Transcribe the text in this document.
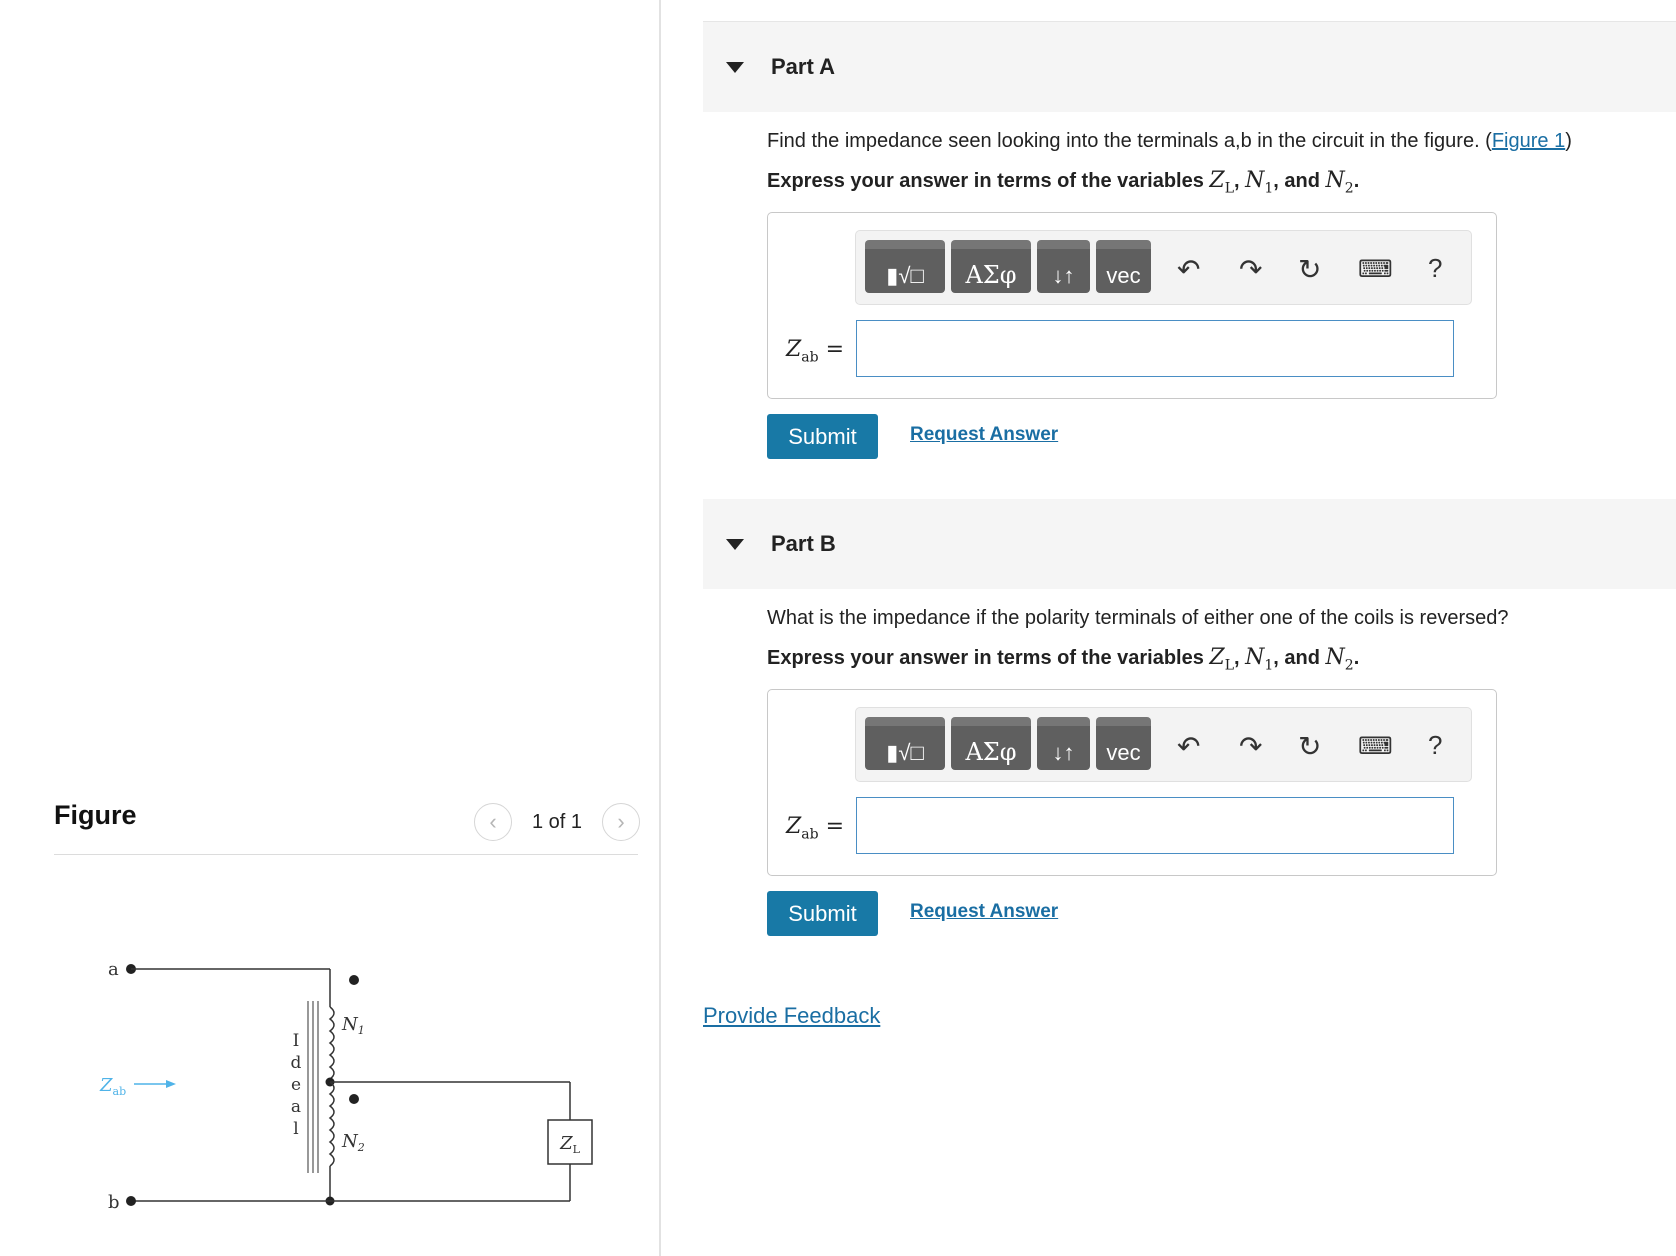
Figure	‹	1 of 1	›
a
$N_1$
$N_2$
I
d
e
a
l
$Z_L$
b
$Z_{ab}$
Part A
Find the impedance seen looking into the terminals a,b in the circuit in the figure. (Figure 1)
Express your answer in terms of the variables $Z_L$, $N_1$, and $N_2$.
▮√□ ΑΣφ ↓↑ vec ↶ ↷ ↻ ⌨ ?
$Z_{ab}$ =
Submit	Request Answer
Part B
What is the impedance if the polarity terminals of either one of the coils is reversed?
Express your answer in terms of the variables $Z_L$, $N_1$, and $N_2$.
▮√□ ΑΣφ ↓↑ vec ↶ ↷ ↻ ⌨ ?
$Z_{ab}$ =
Submit	Request Answer
Provide Feedback
